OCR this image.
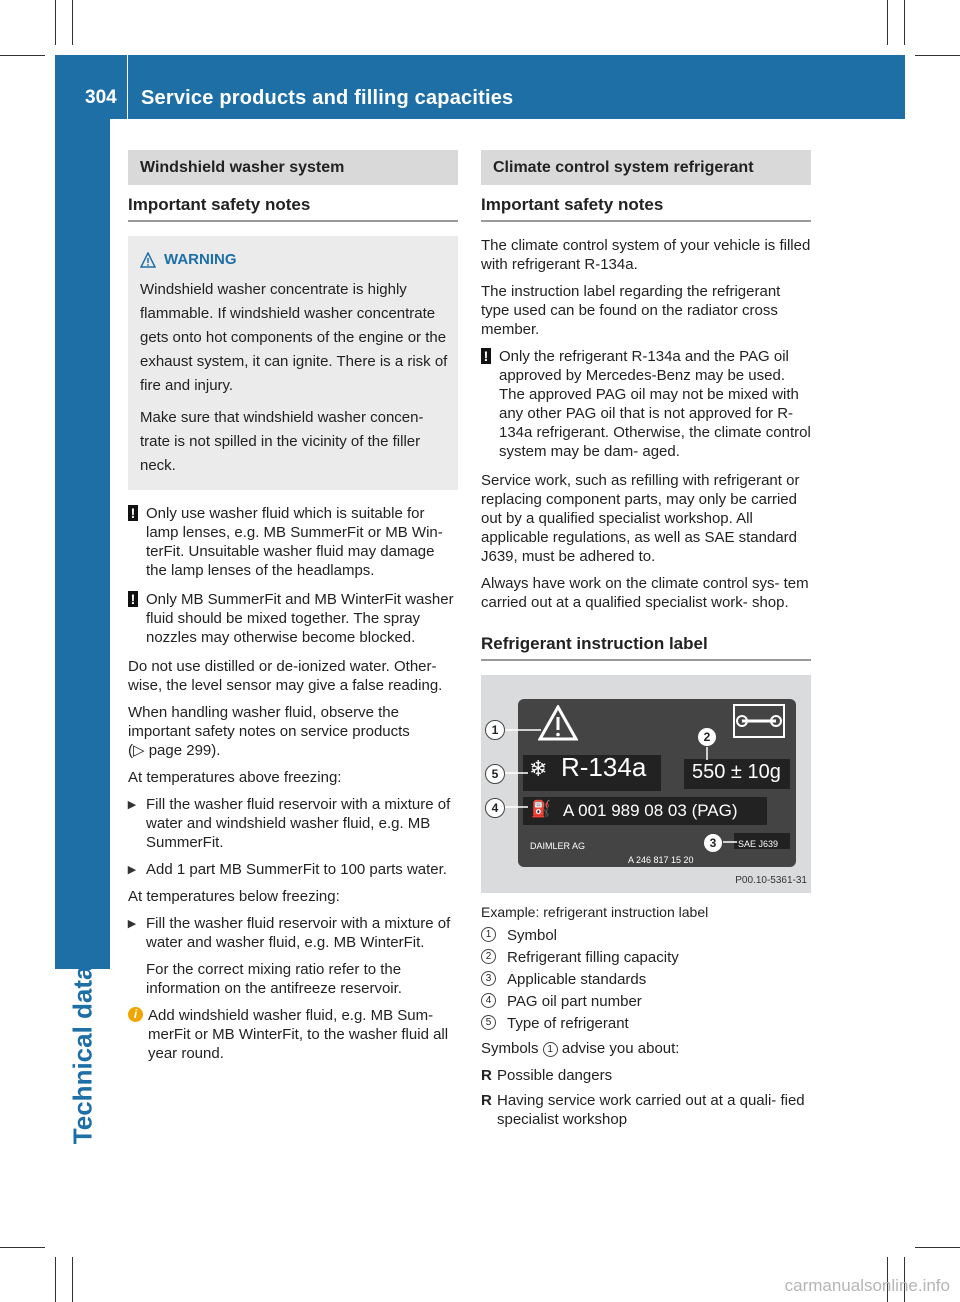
304 Service products and filling capacities
Technical data
Windshield washer system
Important safety notes
WARNING

Windshield washer concentrate is highly flammable. If windshield washer concentrate gets onto hot components of the engine or the exhaust system, it can ignite. There is a risk of fire and injury.

Make sure that windshield washer concen- trate is not spilled in the vicinity of the filler neck.

! Only use washer fluid which is suitable for lamp lenses, e.g. MB SummerFit or MB Win- terFit. Unsuitable washer fluid may damage the lamp lenses of the headlamps.
! Only MB SummerFit and MB WinterFit washer fluid should be mixed together. The spray nozzles may otherwise become blocked.

Do not use distilled or de-ionized water. Other- wise, the level sensor may give a false reading.

When handling washer fluid, observe the important safety notes on service products
(▷ page 299).

At temperatures above freezing:

▸ Fill the washer fluid reservoir with a mixture of water and windshield washer fluid, e.g. MB SummerFit.
▸ Add 1 part MB SummerFit to 100 parts water.

At temperatures below freezing:

▸ Fill the washer fluid reservoir with a mixture of water and washer fluid, e.g. MB WinterFit.

For the correct mixing ratio refer to the information on the antifreeze reservoir.

i Add windshield washer fluid, e.g. MB Sum- merFit or MB WinterFit, to the washer fluid all year round.
Climate control system refrigerant
Important safety notes

The climate control system of your vehicle is filled with refrigerant R-134a.

The instruction label regarding the refrigerant type used can be found on the radiator cross member.

! Only the refrigerant R-134a and the PAG oil approved by Mercedes-Benz may be used. The approved PAG oil may not be mixed with any other PAG oil that is not approved for R-134a refrigerant. Otherwise, the climate control system may be dam- aged.

Service work, such as refilling with refrigerant or replacing component parts, may only be carried out by a qualified specialist workshop. All applicable regulations, as well as SAE standard J639, must be adhered to.

Always have work on the climate control sys- tem carried out at a qualified specialist work- shop.

Refrigerant instruction label
❄ R-134a 550 ± 10g
⛽ A 001 989 08 03 (PAG)
DAIMLER AG
A 246 817 15 20
SAE J639
1	2
3
4
5
P00.10-5361-31

Example: refrigerant instruction label

1	Symbol
2	Refrigerant filling capacity
3	Applicable standards
4	PAG oil part number
5	Type of refrigerant

Symbols 1 advise you about:

R Possible dangers
R Having service work carried out at a quali- fied specialist workshop
carmanualsonline.info
